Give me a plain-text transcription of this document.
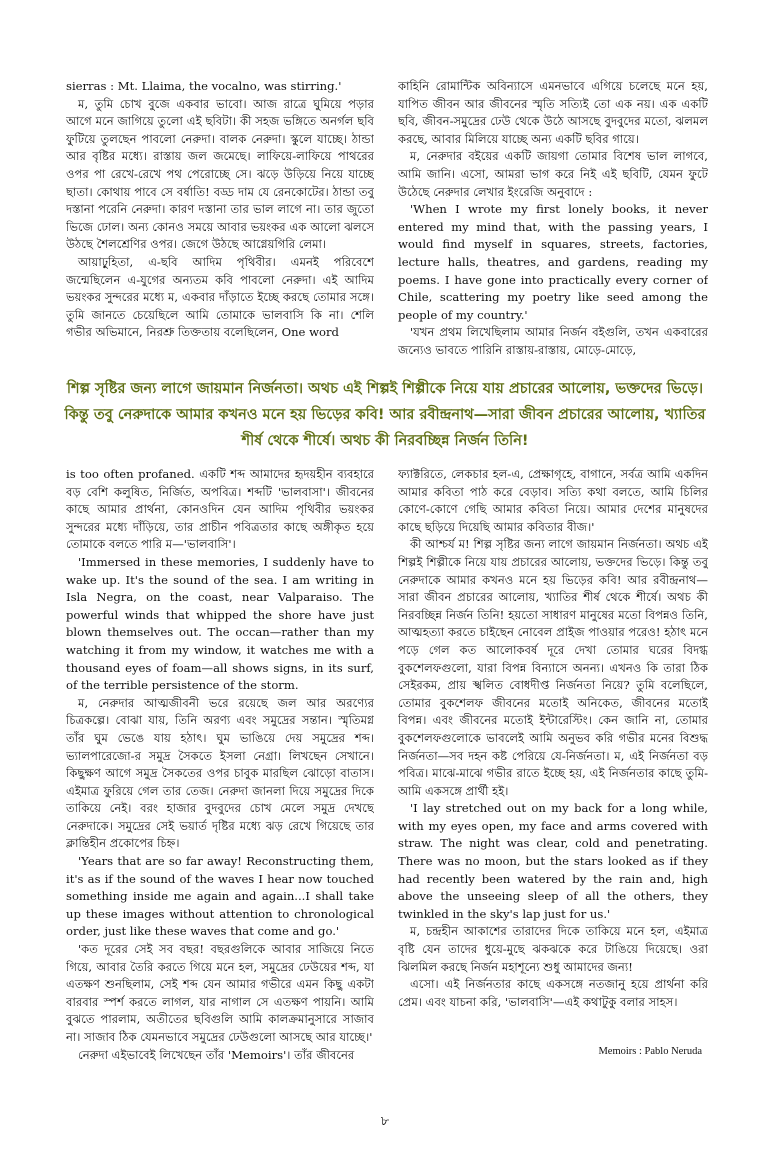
sierras : Mt. Llaima, the vocalno, was stirring.'

ম, তুমি চোখ বুজে একবার ভাবো। আজ রাত্রে ঘুমিয়ে পড়ার আগে মনে জাগিয়ে তুলো এই ছবিটা। কী সহজ ভঙ্গিতে অনর্গল ছবি ফুটিয়ে তুলছেন পাবলো নেরুদা। বালক নেরুদা। স্কুলে যাচ্ছে। ঠান্ডা আর বৃষ্টির মধ্যে। রাস্তায় জল জমেছে। লাফিয়ে-লাফিয়ে পাথরের ওপর পা রেখে-রেখে পথ পেরোচ্ছে সে। ঝড়ে উড়িয়ে নিয়ে যাচ্ছে ছাতা। কোথায় পাবে সে বর্ষাতি! বড্ড দাম যে রেনকোটের। ঠান্ডা তবু দস্তানা পরেনি নেরুদা। কারণ দস্তানা তার ভাল লাগে না। তার জুতো ভিজে ঢোল। অন্য কোনও সময়ে আবার ভয়ংকর এক আলো ঝলসে উঠছে শৈলশ্রেণির ওপর। জেগে উঠছে আগ্নেয়গিরি লেমা।

আয়াঢ়ুহিতা, এ-ছবি আদিম পৃথিবীর। এমনই পরিবেশে জন্মেছিলেন এ-যুগের অন্যতম কবি পাবলো নেরুদা। এই আদিম ভয়ংকর সুন্দরের মধ্যে ম, একবার দাঁড়াতে ইচ্ছে করছে তোমার সঙ্গে। তুমি জানতে চেয়েছিলে আমি তোমাকে ভালবাসি কি না। শেলি গভীর অভিমানে, নিরশ্রু তিক্ততায় বলেছিলেন, One word

কাহিনি রোমান্টিক অবিন্যাসে এমনভাবে এগিয়ে চলেছে মনে হয়, যাপিত জীবন আর জীবনের স্মৃতি সত্যিই তো এক নয়। এক একটি ছবি, জীবন-সমুদ্রের ঢেউ থেকে উঠে আসছে বুদবুদের মতো, ঝলমল করছে, আবার মিলিয়ে যাচ্ছে অন্য একটি ছবির গায়ে।

ম, নেরুদার বইয়ের একটি জায়গা তোমার বিশেষ ভাল লাগবে, আমি জানি। এসো, আমরা ভাগ করে নিই এই ছবিটি, যেমন ফুটে উঠেছে নেরুদার লেখার ইংরেজি অনুবাদে :

'When I wrote my first lonely books, it never entered my mind that, with the passing years, I would find myself in squares, streets, factories, lecture halls, theatres, and gardens, reading my poems. I have gone into practically every corner of Chile, scattering my poetry like seed among the people of my country.'

'যখন প্রথম লিখেছিলাম আমার নির্জন বইগুলি, তখন একবারের জন্যেও ভাবতে পারিনি রাস্তায়-রাস্তায়, মোড়ে-মোড়ে,

শিল্প সৃষ্টির জন্য লাগে জায়মান নির্জনতা। অথচ এই শিল্পই শিল্পীকে নিয়ে যায় প্রচারের আলোয়, ভক্তদের ভিড়ে। কিন্তু তবু নেরুদাকে আমার কখনও মনে হয় ভিড়ের কবি! আর রবীন্দ্রনাথ—সারা জীবন প্রচারের আলোয়, খ্যাতির শীর্ষ থেকে শীর্ষে। অথচ কী নিরবচ্ছিন্ন নির্জন তিনি!

is too often profaned. একটি শব্দ আমাদের হৃদয়হীন ব্যবহারে বড় বেশি কলুষিত, নির্জিত, অপবিত্র। শব্দটি 'ভালবাসা'। জীবনের কাছে আমার প্রার্থনা, কোনওদিন যেন আদিম পৃথিবীর ভয়ংকর সুন্দরের মধ্যে দাঁড়িয়ে, তার প্রাচীন পবিত্রতার কাছে অঙ্গীকৃত হয়ে তোমাকে বলতে পারি ম—'ভালবাসি'।

'Immersed in these memories, I suddenly have to wake up. It's the sound of the sea. I am writing in Isla Negra, on the coast, near Valparaiso. The powerful winds that whipped the shore have just blown themselves out. The occan—rather than my watching it from my window, it watches me with a thousand eyes of foam—all shows signs, in its surf, of the terrible persistence of the storm.

ম, নেরুদার আত্মজীবনী ভরে রয়েছে জল আর অরণ্যের চিত্রকল্পে। বোঝা যায়, তিনি অরণ্য এবং সমুদ্রের সন্তান। স্মৃতিমগ্ন তাঁর ঘুম ভেঙে যায় হঠাৎ। ঘুম ভাঙিয়ে দেয় সমুদ্রের শব্দ। ভ্যালপারেজো-র সমুদ্র সৈকতে ইসলা নেগ্রা। লিখছেন সেখানে। কিছুক্ষণ আগে সমুদ্র সৈকতের ওপর চাবুক মারছিল ঝোড়ো বাতাস। এইমাত্র ফুরিয়ে গেল তার তেজ। নেরুদা জানলা দিয়ে সমুদ্রের দিকে তাকিয়ে নেই। বরং হাজার বুদবুদের চোখ মেলে সমুদ্র দেখছে নেরুদাকে। সমুদ্রের সেই ভয়ার্ত দৃষ্টির মধ্যে ঝড় রেখে গিয়েছে তার ক্লান্তিহীন প্রকোপের চিহ্ন।

'Years that are so far away! Reconstructing them, it's as if the sound of the waves I hear now touched something inside me again and again...I shall take up these images without attention to chronological order, just like these waves that come and go.'

'কত দূরের সেই সব বছর! বছরগুলিকে আবার সাজিয়ে নিতে গিয়ে, আবার তৈরি করতে গিয়ে মনে হল, সমুদ্রের ঢেউয়ের শব্দ, যা এতক্ষণ শুনছিলাম, সেই শব্দ যেন আমার গভীরে এমন কিছু একটা বারবার স্পর্শ করতে লাগল, যার নাগাল সে এতক্ষণ পায়নি। আমি বুঝতে পারলাম, অতীতের ছবিগুলি আমি কালক্রমানুসারে সাজাব না। সাজাব ঠিক যেমনভাবে সমুদ্রের ঢেউগুলো আসছে আর যাচ্ছে।'

নেরুদা এইভাবেই লিখেছেন তাঁর 'Memoirs'। তাঁর জীবনের

ফ্যাক্টরিতে, লেকচার হল-এ, প্রেক্ষাগৃহে, বাগানে, সর্বত্র আমি একদিন আমার কবিতা পাঠ করে বেড়াব। সত্যি কথা বলতে, আমি চিলির কোণে-কোণে গেছি আমার কবিতা নিয়ে। আমার দেশের মানুষদের কাছে ছড়িয়ে দিয়েছি আমার কবিতার বীজ।'

কী আশ্চর্য ম! শিল্প সৃষ্টির জন্য লাগে জায়মান নির্জনতা। অথচ এই শিল্পই শিল্পীকে নিয়ে যায় প্রচারের আলোয়, ভক্তদের ভিড়ে। কিন্তু তবু নেরুদাকে আমার কখনও মনে হয় ভিড়ের কবি! আর রবীন্দ্রনাথ—সারা জীবন প্রচারের আলোয়, খ্যাতির শীর্ষ থেকে শীর্ষে। অথচ কী নিরবচ্ছিন্ন নির্জন তিনি! হয়তো সাধারণ মানুষের মতো বিপন্নও তিনি, আত্মহত্যা করতে চাইছেন নোবেল প্রাইজ পাওয়ার পরেও! হঠাৎ মনে পড়ে গেল কত আলোকবর্ষ দূরে দেখা তোমার ঘরের বিদগ্ধ বুকশেলফগুলো, যারা বিপন্ন বিন্যাসে অনন্য। এখনও কি তারা ঠিক সেইরকম, প্রায় স্খলিত বোধদীপ্ত নির্জনতা নিয়ে? তুমি বলেছিলে, তোমার বুকশেলফ জীবনের মতোই অনিকেত, জীবনের মতোই বিপন্ন। এবং জীবনের মতোই ইন্টারেস্টিং। কেন জানি না, তোমার বুকশেলফগুলোকে ভাবলেই আমি অনুভব করি গভীর মনের বিশুদ্ধ নির্জনতা—সব দহন কষ্ট পেরিয়ে যে-নির্জনতা। ম, এই নির্জনতা বড় পবিত্র। মাঝে-মাঝে গভীর রাতে ইচ্ছে হয়, এই নির্জনতার কাছে তুমি-আমি একসঙ্গে প্রার্থী হই।

'I lay stretched out on my back for a long while, with my eyes open, my face and arms covered with straw. The night was clear, cold and penetrating. There was no moon, but the stars looked as if they had recently been watered by the rain and, high above the unseeing sleep of all the others, they twinkled in the sky's lap just for us.'

ম, চন্দ্রহীন আকাশের তারাদের দিকে তাকিয়ে মনে হল, এইমাত্র বৃষ্টি যেন তাদের ধুয়ে-মুছে ঝকঝকে করে টাঙিয়ে দিয়েছে। ওরা ঝিলমিল করছে নির্জন মহাশূন্যে শুধু আমাদের জন্য!

এসো। এই নির্জনতার কাছে একসঙ্গে নতজানু হয়ে প্রার্থনা করি প্রেম। এবং যাচনা করি, 'ভালবাসি'—এই কথাটুকু বলার সাহস।

Memoirs : Pablo Neruda
৮
